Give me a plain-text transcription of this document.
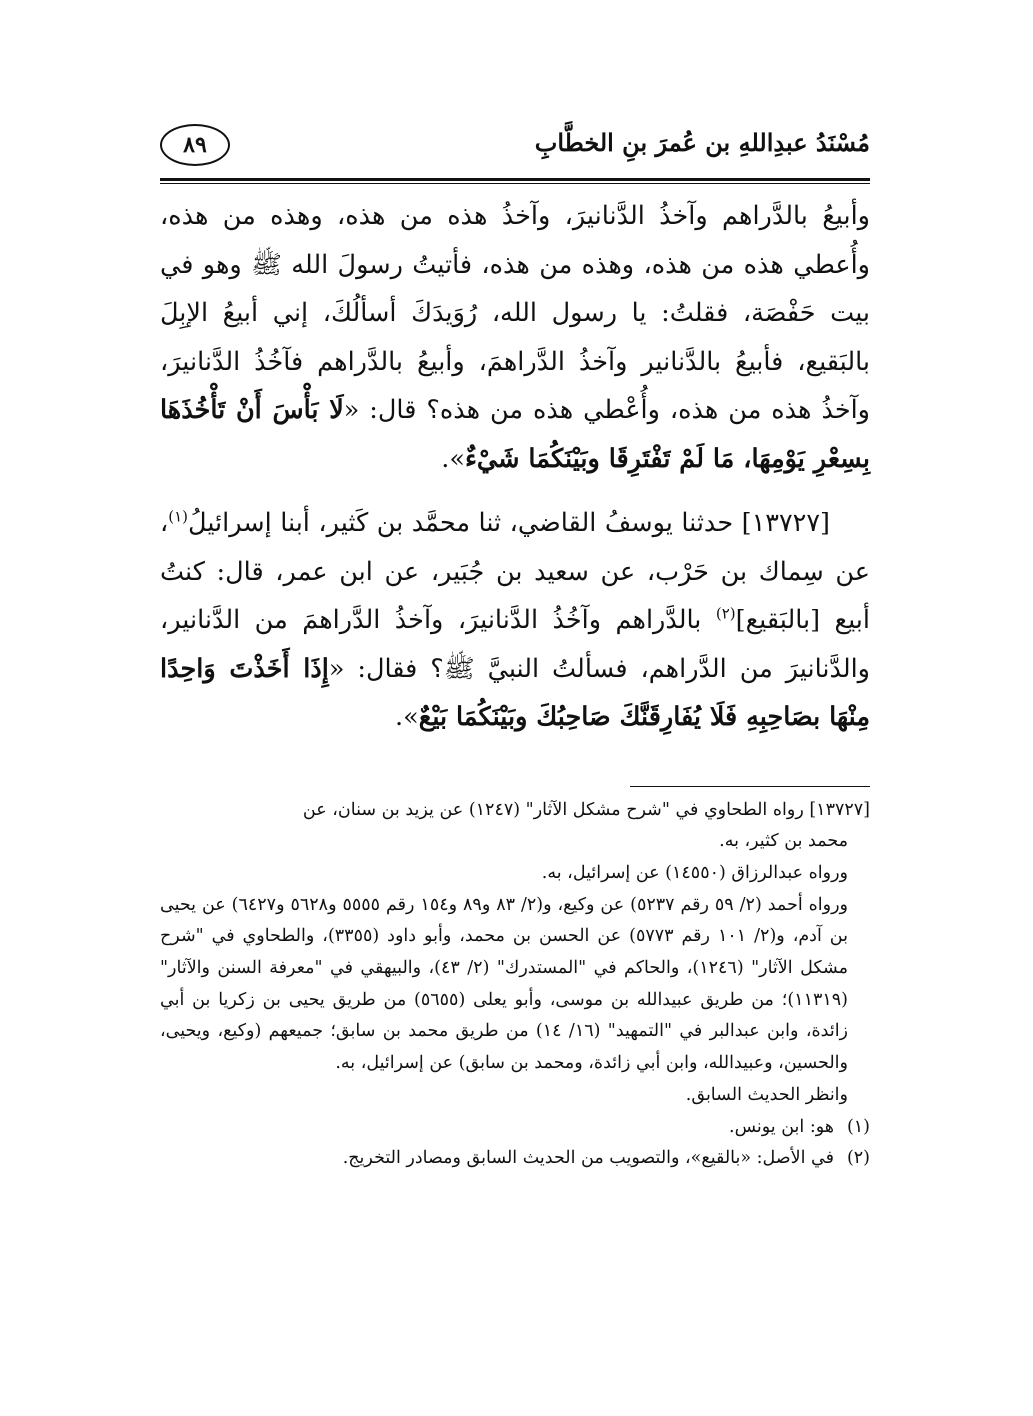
مُسْنَدُ عبدِاللهِ بن عُمرَ بنِ الخطَّابِ
٨٩

وأبيعُ بالدَّراهم وآخذُ الدَّنانيرَ، وآخذُ هذه من هذه، وهذه من هذه، وأُعطي هذه من هذه، وهذه من هذه، فأتيتُ رسولَ الله ﷺ وهو في بيت حَفْصَة، فقلتُ: يا رسول الله، رُوَيدَكَ أسألُكَ، إني أبيعُ الإبِلَ بالبَقيع، فأبيعُ بالدَّنانير وآخذُ الدَّراهمَ، وأبيعُ بالدَّراهم فآخُذُ الدَّنانيرَ، وآخذُ هذه من هذه، وأُعْطي هذه من هذه؟ قال: «لَا بَأْسَ أَنْ تَأْخُذَهَا بِسِعْرِ يَوْمِهَا، مَا لَمْ تَفْتَرِقَا وبَيْنَكُمَا شَيْءٌ».

[١٣٧٢٧] حدثنا يوسفُ القاضي، ثنا محمَّد بن كَثير، أبنا إسرائيلُ$^{(١)}$، عن سِماك بن حَرْب، عن سعيد بن جُبَير، عن ابن عمر، قال: كنتُ أبيع [بالبَقيع]$^{(٢)}$ بالدَّراهم وآخُذُ الدَّنانيرَ، وآخذُ الدَّراهمَ من الدَّنانير، والدَّنانيرَ من الدَّراهم، فسألتُ النبيَّ ﷺ؟ فقال: «إِذَا أَخَذْتَ وَاحِدًا مِنْهَا بصَاحِبِهِ فَلَا يُفَارِقَنَّكَ صَاحِبُكَ وبَيْنَكُمَا بَيْعٌ».

[١٣٧٢٧] رواه الطحاوي في "شرح مشكل الآثار" (١٢٤٧) عن يزيد بن سنان، عن
محمد بن كثير، به.

ورواه عبدالرزاق (١٤٥٥٠) عن إسرائيل، به.

ورواه أحمد (٢/ ٥٩ رقم ٥٢٣٧) عن وكيع، و(٢/ ٨٣ و٨٩ و١٥٤ رقم ٥٥٥٥ و٥٦٢٨ و٦٤٢٧) عن يحيى بن آدم، و(٢/ ١٠١ رقم ٥٧٧٣) عن الحسن بن محمد، وأبو داود (٣٣٥٥)، والطحاوي في "شرح مشكل الآثار" (١٢٤٦)، والحاكم في "المستدرك" (٢/ ٤٣)، والبيهقي في "معرفة السنن والآثار" (١١٣١٩)؛ من طريق عبيدالله بن موسى، وأبو يعلى (٥٦٥٥) من طريق يحيى بن زكريا بن أبي زائدة، وابن عبدالبر في "التمهيد" (١٦/ ١٤) من طريق محمد بن سابق؛ جميعهم (وكيع، ويحيى، والحسين، وعبيدالله، وابن أبي زائدة، ومحمد بن سابق) عن إسرائيل، به.

وانظر الحديث السابق.

(١)
هو: ابن يونس.

(٢)
في الأصل: «بالقيع»، والتصويب من الحديث السابق ومصادر التخريج.
